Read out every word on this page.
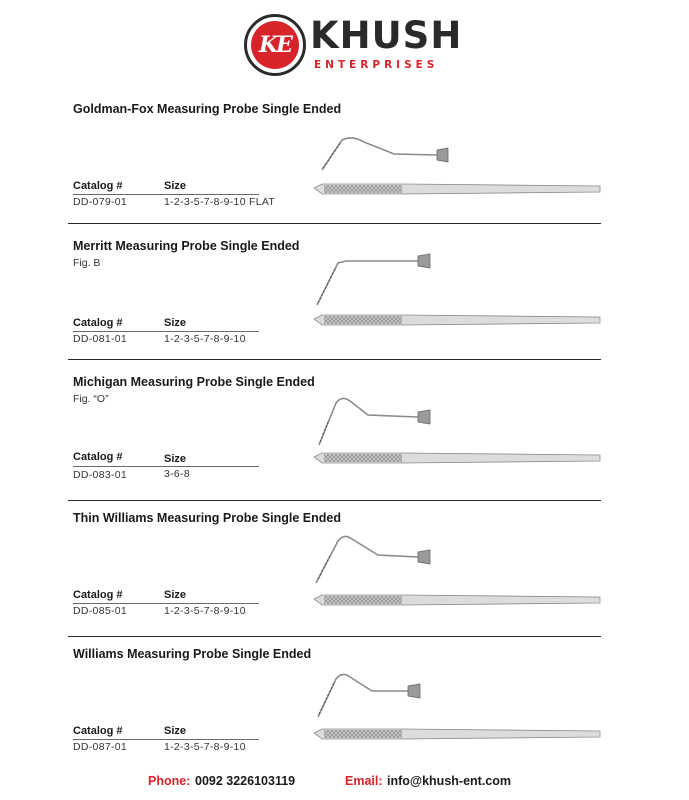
KE KHUSH
ENTERPRISES
Goldman-Fox Measuring Probe Single Ended
Catalog #	Size
DD-079-01	1-2-3-5-7-8-9-10 FLAT
Merritt Measuring Probe Single Ended
Fig. B
Catalog #	Size
DD-081-01	1-2-3-5-7-8-9-10
Michigan Measuring Probe Single Ended
Fig. “O”
Catalog #	Size
DD-083-01	3-6-8
Thin Williams Measuring Probe Single Ended
Catalog #	Size
DD-085-01	1-2-3-5-7-8-9-10
Williams Measuring Probe Single Ended
Catalog #	Size
DD-087-01	1-2-3-5-7-8-9-10
Phone: 0092 3226103119	Email: info@khush-ent.com
